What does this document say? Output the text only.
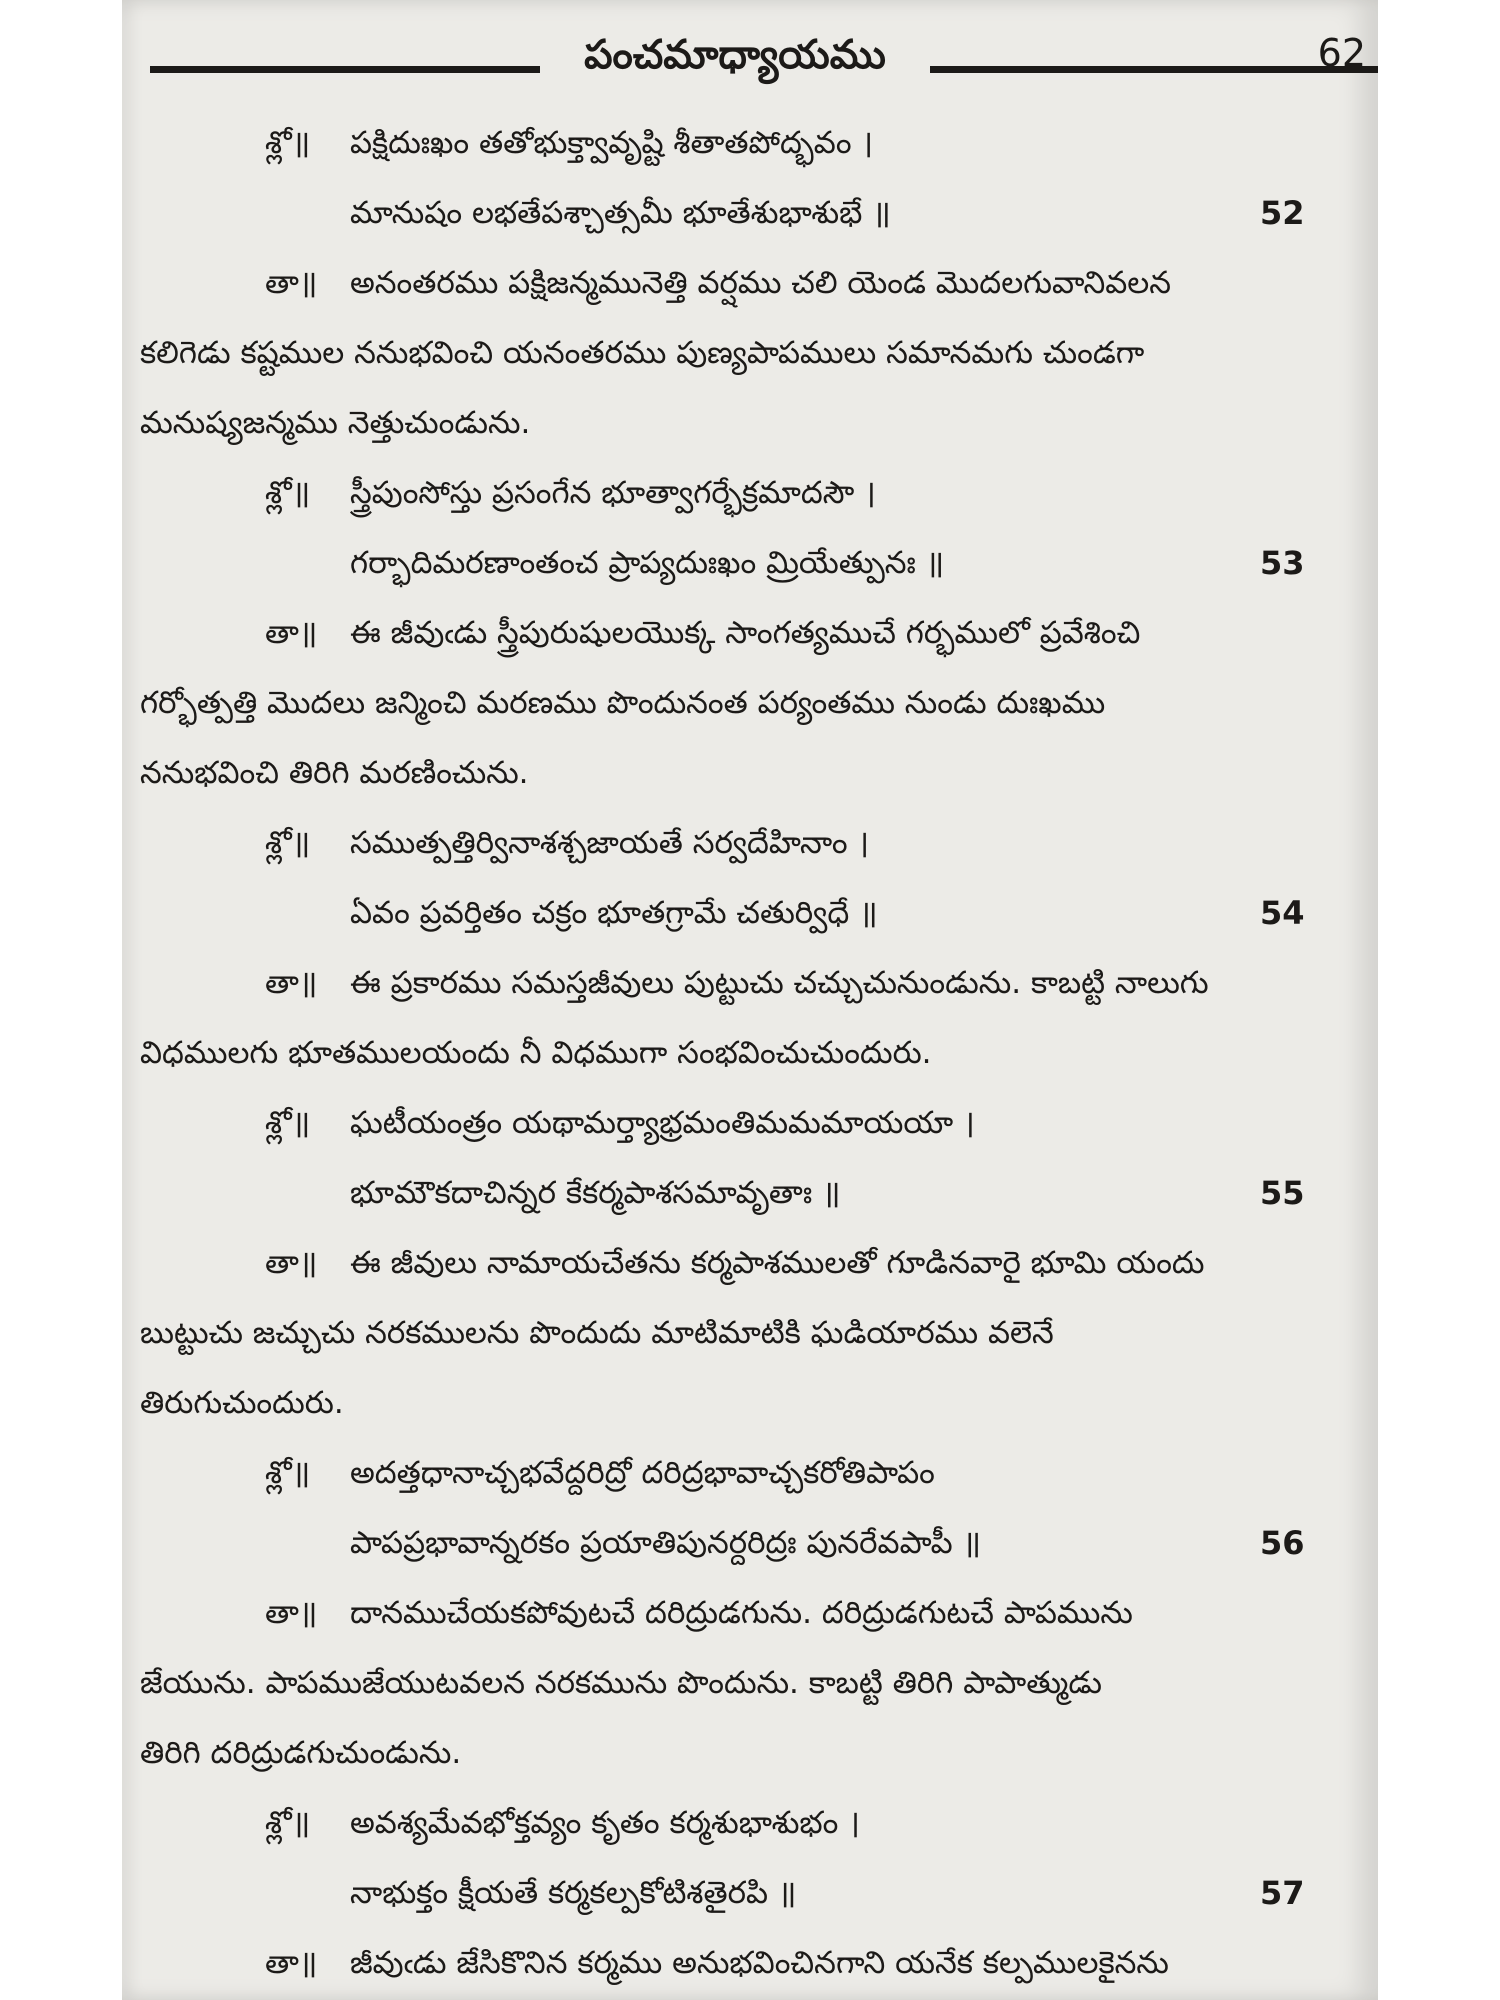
పంచమాధ్యాయము	62
శ్లో॥ పక్షిదుఃఖం తతోభుక్త్వావృష్టి శీతాతపోద్భవం ।
మానుషం లభతేపశ్చాత్సమీ భూతేశుభాశుభే ॥	52
తా॥ అనంతరము పక్షిజన్మమునెత్తి వర్షము చలి యెండ మొదలగువానివలన
కలిగెడు కష్టముల ననుభవించి యనంతరము పుణ్యపాపములు సమానమగు చుండగా
మనుష్యజన్మము నెత్తుచుండును.
శ్లో॥ స్త్రీపుంసోస్తు ప్రసంగేన భూత్వాగర్భేక్రమాదసౌ ।
గర్భాదిమరణాంతంచ ప్రాప్యదుఃఖం మ్రియేత్పునః ॥	53
తా॥ ఈ జీవుఁడు స్త్రీపురుషులయొక్క సాంగత్యముచే గర్భములో ప్రవేశించి
గర్భోత్పత్తి మొదలు జన్మించి మరణము పొందునంత పర్యంతము నుండు దుఃఖము
ననుభవించి తిరిగి మరణించును.
శ్లో॥ సముత్పత్తిర్వినాశశ్చజాయతే సర్వదేహినాం ।
ఏవం ప్రవర్తితం చక్రం భూతగ్రామే చతుర్విధే ॥	54
తా॥ ఈ ప్రకారము సమస్తజీవులు పుట్టుచు చచ్చుచునుండును. కాబట్టి నాలుగు
విధములగు భూతములయందు నీ విధముగా సంభవించుచుందురు.
శ్లో॥ ఘటీయంత్రం యథామర్త్యాభ్రమంతిమమమాయయా ।
భూమౌకదాచిన్నర కేకర్మపాశసమావృతాః ॥	55
తా॥ ఈ జీవులు నామాయచేతను కర్మపాశములతో గూడినవారై భూమి యందు
బుట్టుచు జచ్చుచు నరకములను పొందుదు మాటిమాటికి ఘడియారము వలెనే
తిరుగుచుందురు.
శ్లో॥ అదత్తధానాచ్చభవేద్దరిద్రో దరిద్రభావాచ్చకరోతిపాపం
పాపప్రభావాన్నరకం ప్రయాతిపునర్దరిద్రః పునరేవపాపీ ॥	56
తా॥ దానముచేయకపోవుటచే దరిద్రుడగును. దరిద్రుడగుటచే పాపమును
జేయును. పాపముజేయుటవలన నరకమును పొందును. కాబట్టి తిరిగి పాపాత్ముడు
తిరిగి దరిద్రుడగుచుండును.
శ్లో॥ అవశ్యమేవభోక్తవ్యం కృతం కర్మశుభాశుభం ।
నాభుక్తం క్షీయతే కర్మకల్పకోటిశతైరపి ॥	57
తా॥ జీవుఁడు జేసికొనిన కర్మము అనుభవించినగాని యనేక కల్పములకైనను
